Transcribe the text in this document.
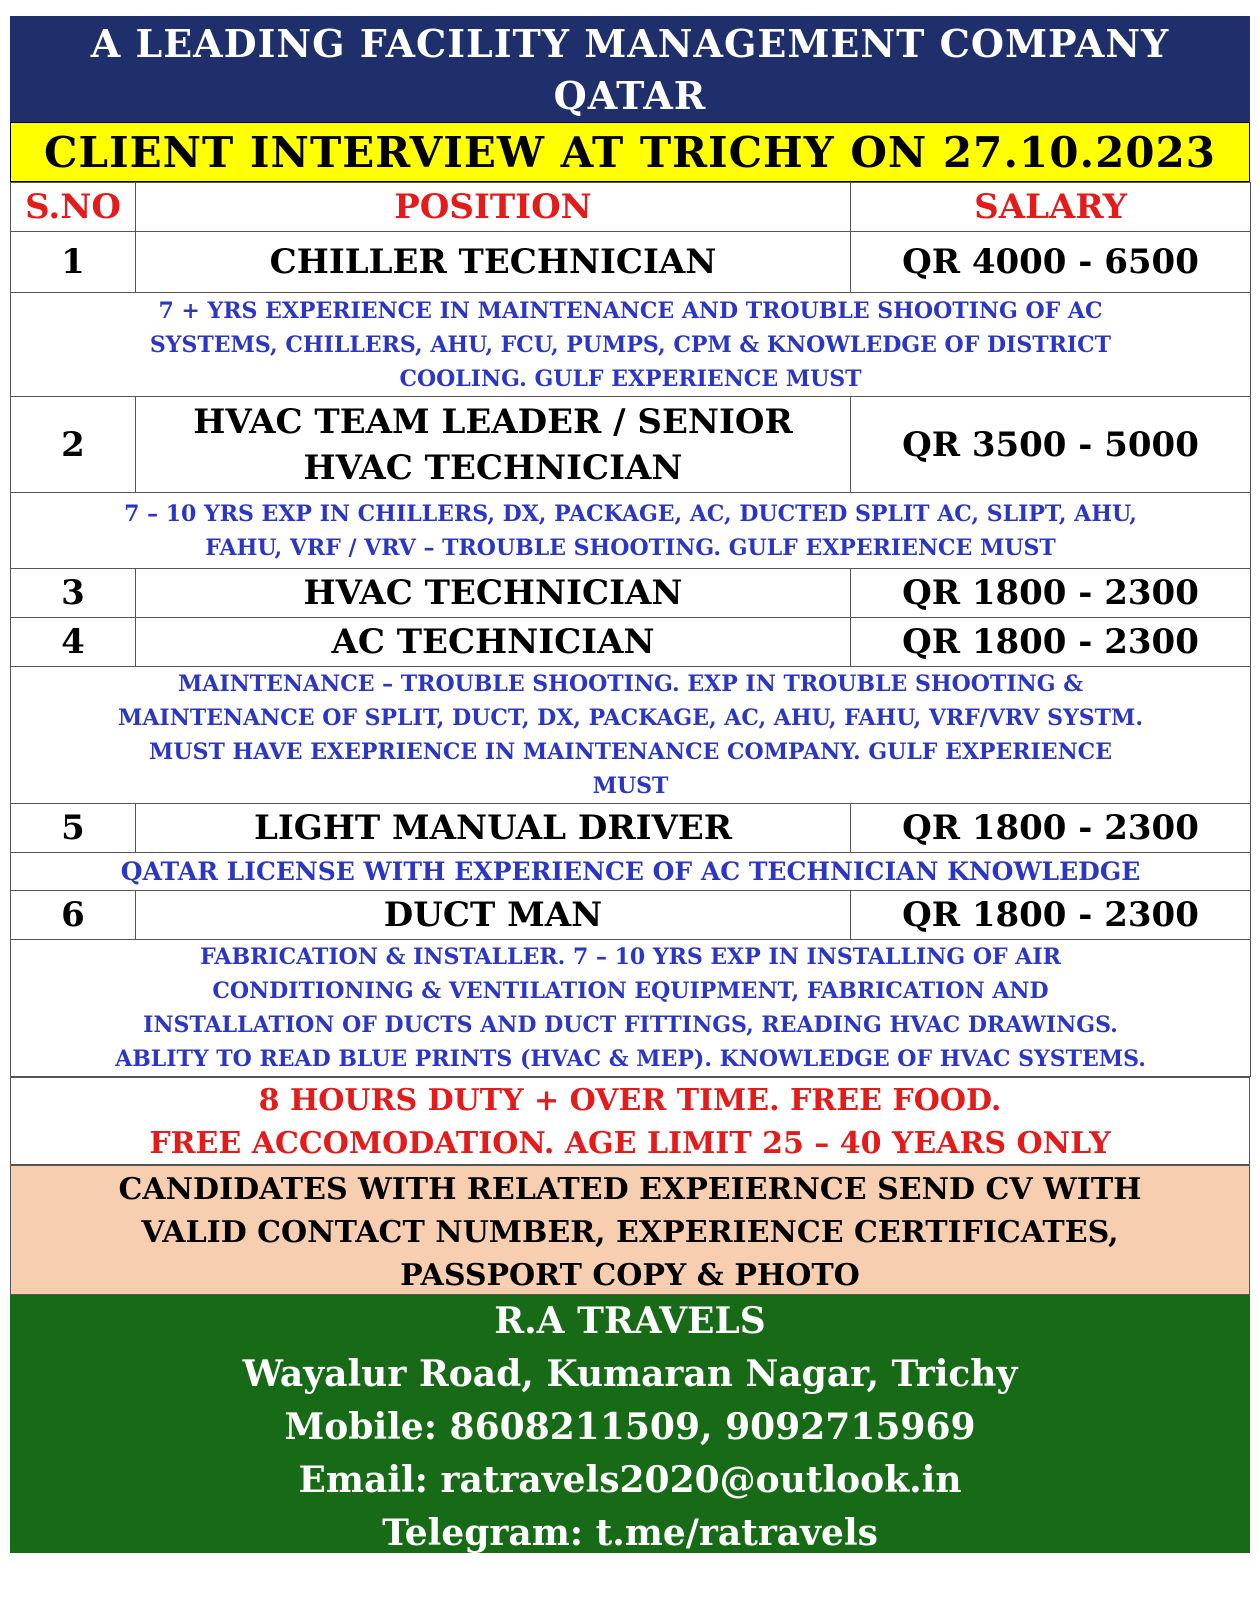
A LEADING FACILITY MANAGEMENT COMPANY
QATAR
CLIENT INTERVIEW AT TRICHY ON 27.10.2023
S.NO	POSITION	SALARY
1	CHILLER TECHNICIAN	QR 4000 - 6500

7 + YRS EXPERIENCE IN MAINTENANCE AND TROUBLE SHOOTING OF AC
SYSTEMS, CHILLERS, AHU, FCU, PUMPS, CPM & KNOWLEDGE OF DISTRICT
COOLING. GULF EXPERIENCE MUST		

2	HVAC TEAM LEADER / SENIOR
HVAC TECHNICIAN	QR 3500 - 5000

7 – 10 YRS EXP IN CHILLERS, DX, PACKAGE, AC, DUCTED SPLIT AC, SLIPT, AHU,
FAHU, VRF / VRV – TROUBLE SHOOTING. GULF EXPERIENCE MUST		

3	HVAC TECHNICIAN	QR 1800 - 2300
4	AC TECHNICIAN	QR 1800 - 2300

MAINTENANCE – TROUBLE SHOOTING. EXP IN TROUBLE SHOOTING &
MAINTENANCE OF SPLIT, DUCT, DX, PACKAGE, AC, AHU, FAHU, VRF/VRV SYSTM.
MUST HAVE EXEPRIENCE IN MAINTENANCE COMPANY. GULF EXPERIENCE
MUST		

5	LIGHT MANUAL DRIVER	QR 1800 - 2300
QATAR LICENSE WITH EXPERIENCE OF AC TECHNICIAN KNOWLEDGE		
6	DUCT MAN	QR 1800 - 2300

FABRICATION & INSTALLER. 7 – 10 YRS EXP IN INSTALLING OF AIR
CONDITIONING & VENTILATION EQUIPMENT, FABRICATION AND
INSTALLATION OF DUCTS AND DUCT FITTINGS, READING HVAC DRAWINGS.
ABLITY TO READ BLUE PRINTS (HVAC & MEP). KNOWLEDGE OF HVAC SYSTEMS.		
8 HOURS DUTY + OVER TIME. FREE FOOD.
FREE ACCOMODATION. AGE LIMIT 25 – 40 YEARS ONLY
CANDIDATES WITH RELATED EXPEIERNCE SEND CV WITH
VALID CONTACT NUMBER, EXPERIENCE CERTIFICATES,
PASSPORT COPY & PHOTO
R.A TRAVELS
Wayalur Road, Kumaran Nagar, Trichy
Mobile: 8608211509, 9092715969
Email: ratravels2020@outlook.in
Telegram: t.me/ratravels
